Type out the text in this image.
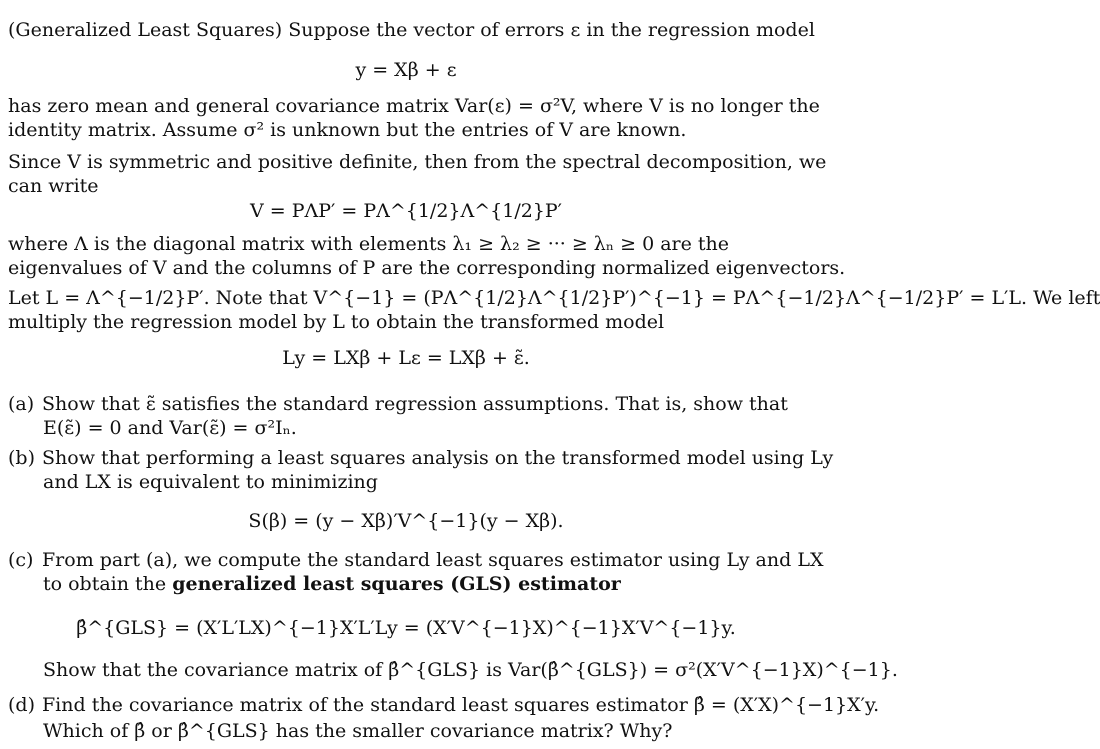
(Generalized Least Squares) Suppose the vector of errors ε in the regression model
y = Xβ + ε
has zero mean and general covariance matrix Var(ε) = σ²V, where V is no longer the
identity matrix. Assume σ² is unknown but the entries of V are known.
Since V is symmetric and positive definite, then from the spectral decomposition, we
can write
V = PΛP′ = PΛ^{1/2}Λ^{1/2}P′
where Λ is the diagonal matrix with elements λ₁ ≥ λ₂ ≥ ··· ≥ λₙ ≥ 0 are the
eigenvalues of V and the columns of P are the corresponding normalized eigenvectors.
Let L = Λ^{−1/2}P′. Note that V^{−1} = (PΛ^{1/2}Λ^{1/2}P′)^{−1} = PΛ^{−1/2}Λ^{−1/2}P′ = L′L. We left
multiply the regression model by L to obtain the transformed model
Ly = LXβ + Lε = LXβ + ε̃.
(a) Show that ε̃ satisfies the standard regression assumptions. That is, show that
E(ε̃) = 0 and Var(ε̃) = σ²Iₙ.
(b) Show that performing a least squares analysis on the transformed model using Ly
and LX is equivalent to minimizing
S(β) = (y − Xβ)′V^{−1}(y − Xβ).
(c) From part (a), we compute the standard least squares estimator using Ly and LX
to obtain the generalized least squares (GLS) estimator
β̂^{GLS} = (X′L′LX)^{−1}X′L′Ly = (X′V^{−1}X)^{−1}X′V^{−1}y.
Show that the covariance matrix of β̂^{GLS} is Var(β̂^{GLS}) = σ²(X′V^{−1}X)^{−1}.
(d) Find the covariance matrix of the standard least squares estimator β̂ = (X′X)^{−1}X′y.
Which of β̂ or β̂^{GLS} has the smaller covariance matrix? Why?
